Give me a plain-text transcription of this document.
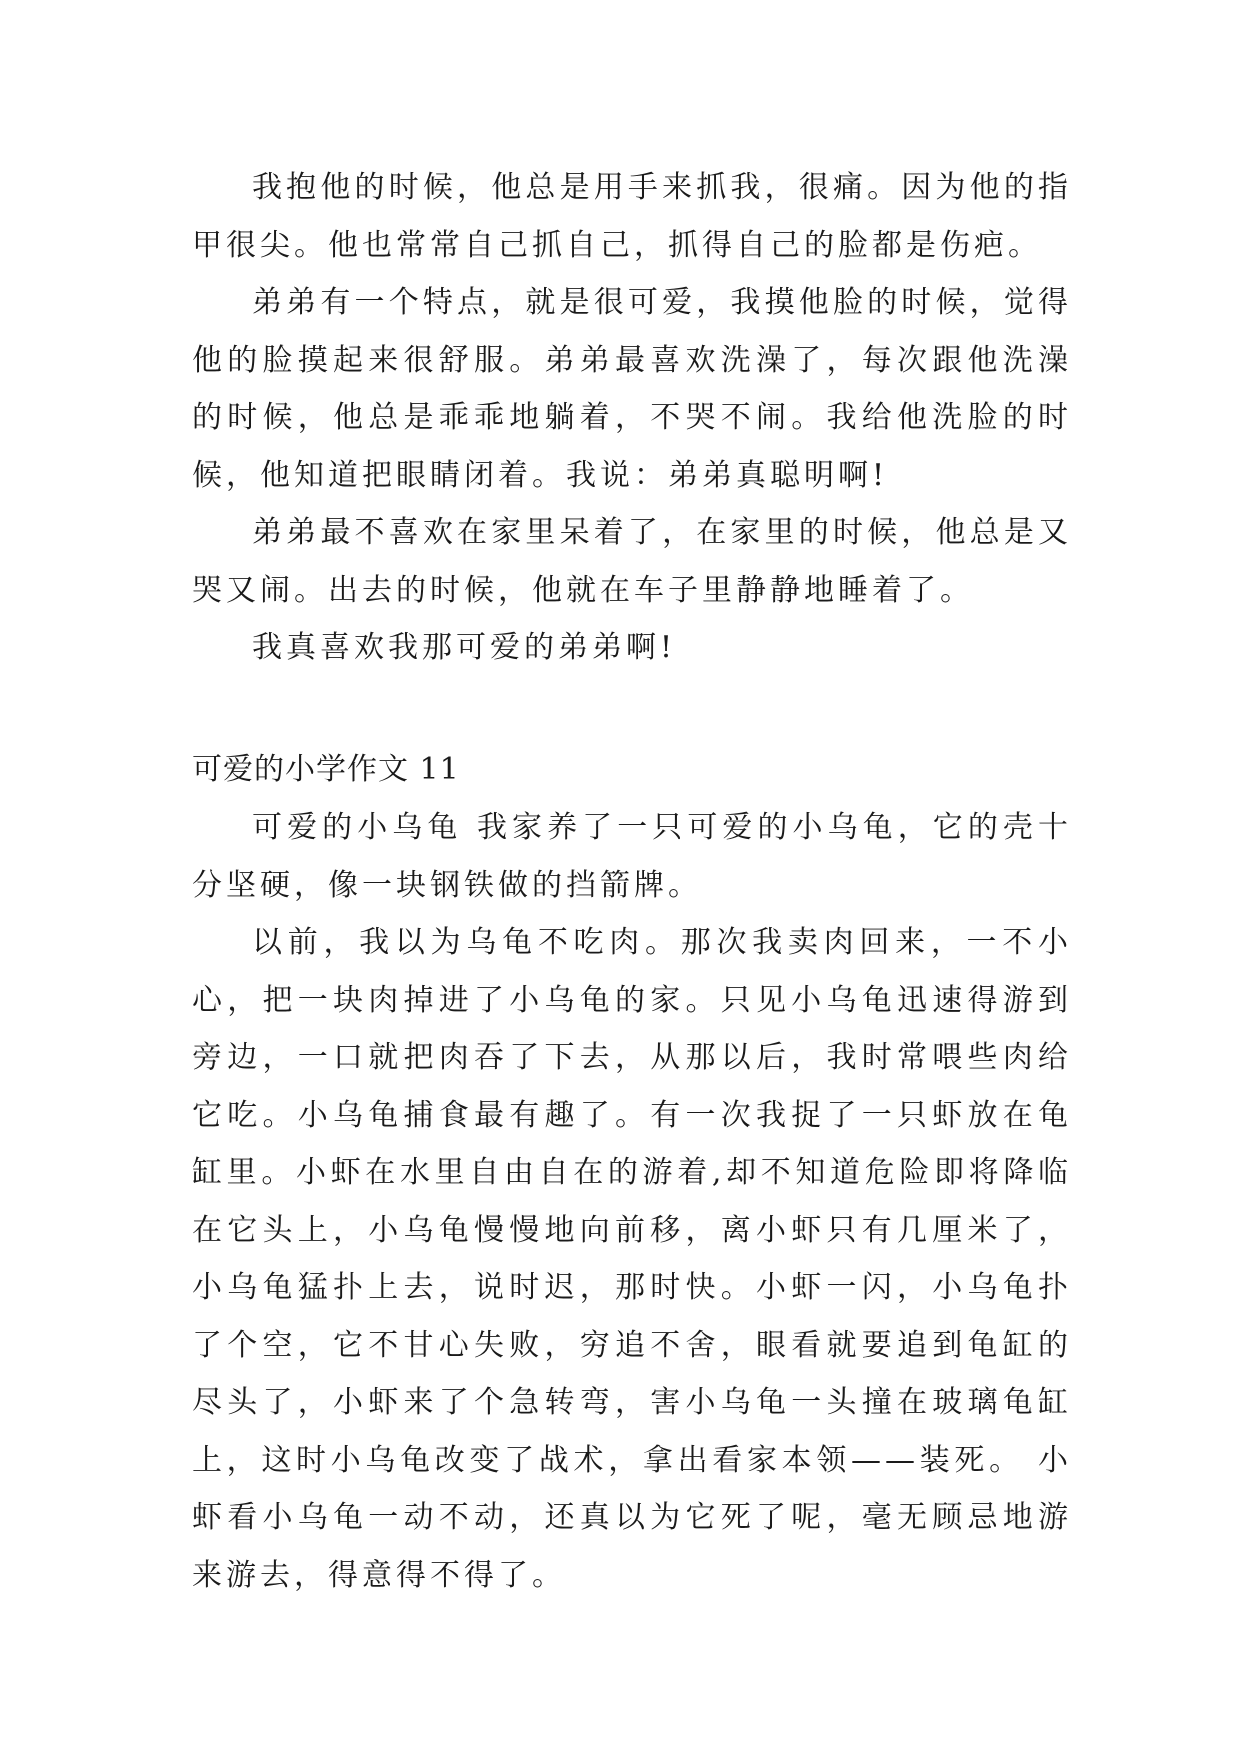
我抱他的时候，他总是用手来抓我，很痛。因为他的指甲很尖。他也常常自己抓自己，抓得自己的脸都是伤疤。

弟弟有一个特点，就是很可爱，我摸他脸的时候，觉得他的脸摸起来很舒服。弟弟最喜欢洗澡了，每次跟他洗澡的时候，他总是乖乖地躺着，不哭不闹。我给他洗脸的时候，他知道把眼睛闭着。我说：弟弟真聪明啊!

弟弟最不喜欢在家里呆着了，在家里的时候，他总是又哭又闹。出去的时候，他就在车子里静静地睡着了。

我真喜欢我那可爱的弟弟啊!

可爱的小学作文 11

可爱的小乌龟 我家养了一只可爱的小乌龟，它的壳十分坚硬，像一块钢铁做的挡箭牌。

以前，我以为乌龟不吃肉。那次我卖肉回来，一不小心，把一块肉掉进了小乌龟的家。只见小乌龟迅速得游到旁边，一口就把肉吞了下去，从那以后，我时常喂些肉给它吃。小乌龟捕食最有趣了。有一次我捉了一只虾放在龟缸里。小虾在水里自由自在的游着,却不知道危险即将降临在它头上，小乌龟慢慢地向前移，离小虾只有几厘米了，小乌龟猛扑上去，说时迟，那时快。小虾一闪，小乌龟扑了个空，它不甘心失败，穷追不舍，眼看就要追到龟缸的尽头了，小虾来了个急转弯，害小乌龟一头撞在玻璃龟缸上，这时小乌龟改变了战术，拿出看家本领——装死。 小虾看小乌龟一动不动，还真以为它死了呢，毫无顾忌地游来游去，得意得不得了。
